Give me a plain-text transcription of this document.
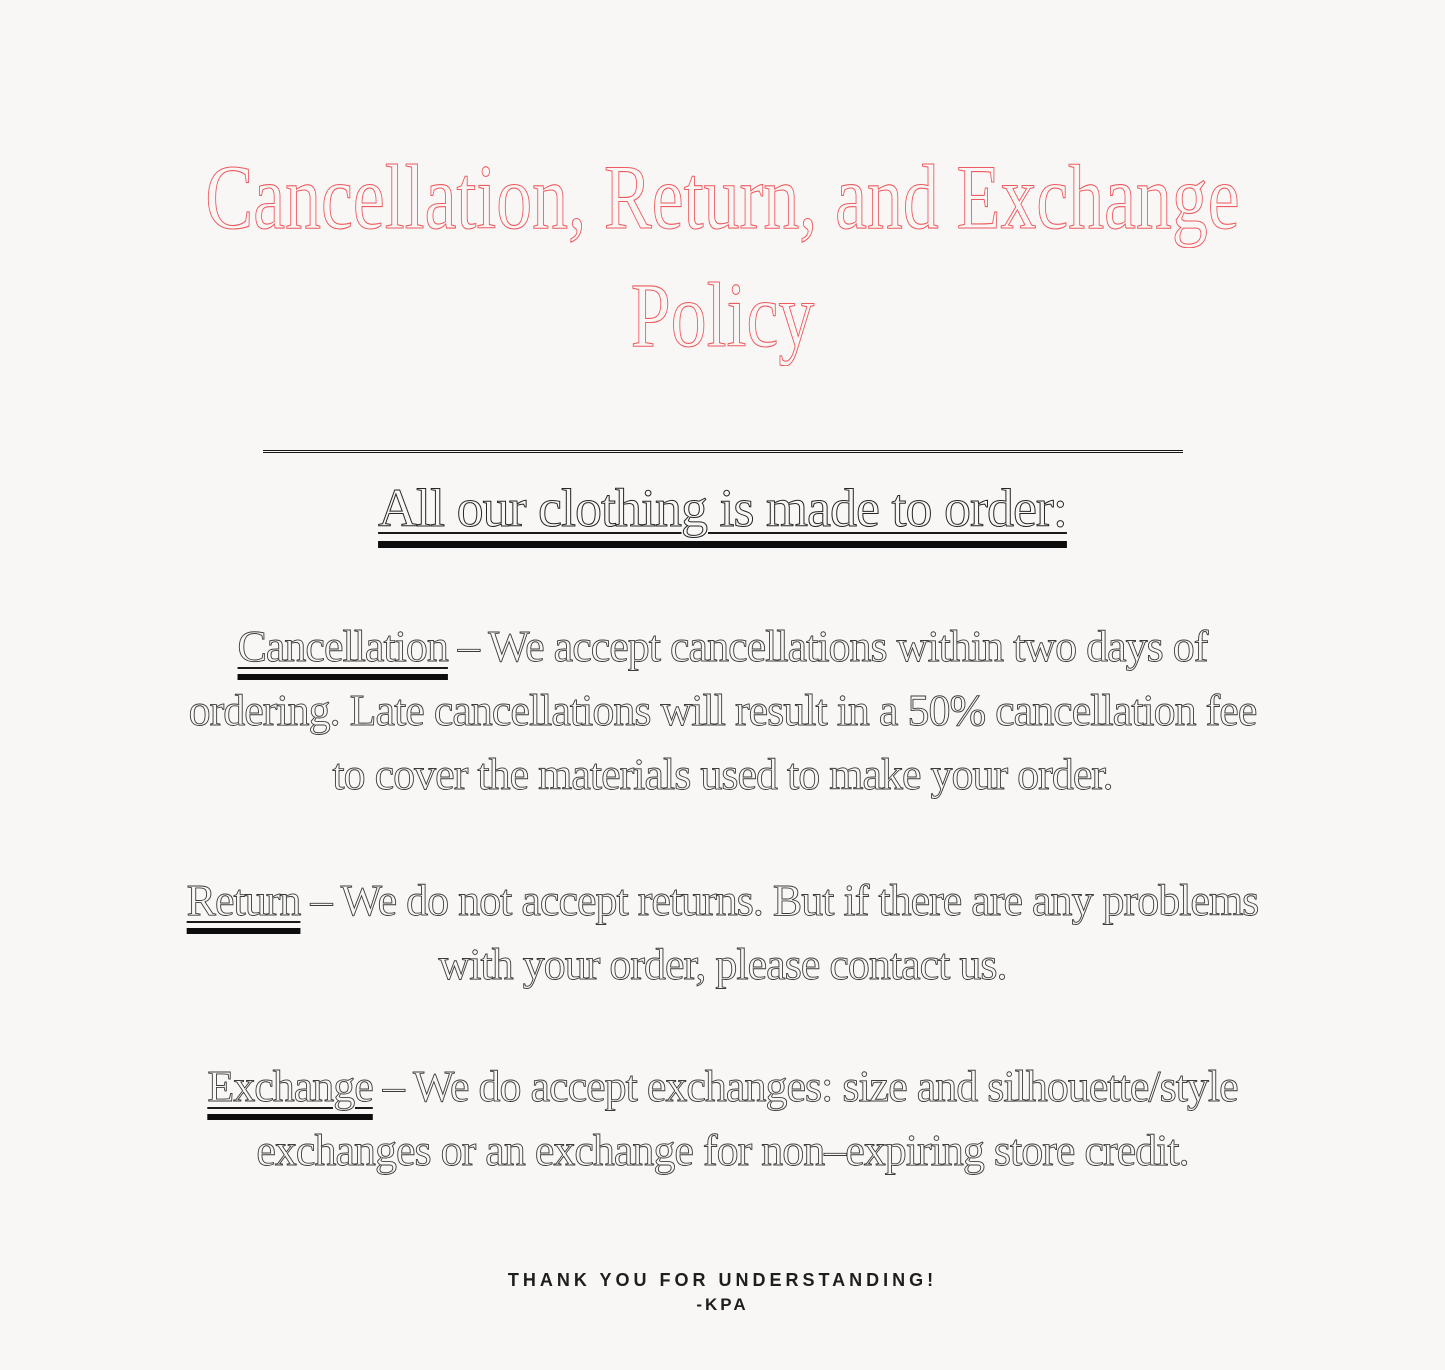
Cancellation, Return, and Exchange
Policy
All our clothing is made to order:

Cancellation – We accept cancellations within two days of
ordering. Late cancellations will result in a 50% cancellation fee
to cover the materials used to make your order.

Return – We do not accept returns. But if there are any problems
with your order, please contact us.

Exchange – We do accept exchanges: size and silhouette/style
exchanges or an exchange for non–expiring store credit.

THANK YOU FOR UNDERSTANDING!
-KPA
